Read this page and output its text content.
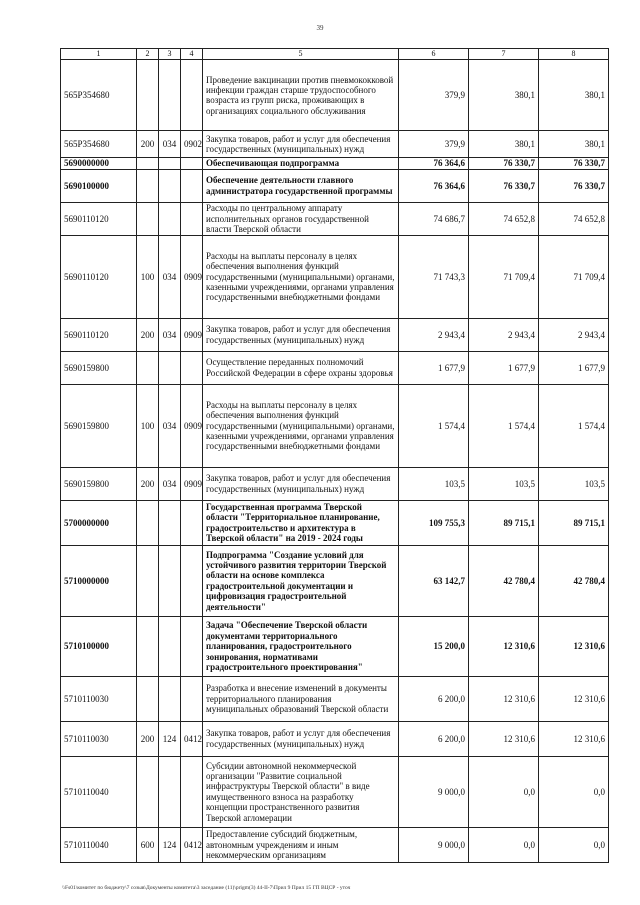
39
1	2	3	4	5	6	7	8
565P354680				Проведение вакцинации против пневмококковой инфекции граждан старше трудоспособного возраста из групп риска, проживающих в организациях социального обслуживания	379,9	380,1	380,1
565P354680	200	034	0902	Закупка товаров, работ и услуг для обеспечения государственных (муниципальных) нужд	379,9	380,1	380,1
5690000000				Обеспечивающая подпрограмма	76 364,6	76 330,7	76 330,7
5690100000				Обеспечение деятельности главного администратора государственной программы	76 364,6	76 330,7	76 330,7
5690110120				Расходы по центральному аппарату исполнительных органов государственной власти Тверской области	74 686,7	74 652,8	74 652,8
5690110120	100	034	0909	Расходы на выплаты персоналу в целях обеспечения выполнения функций государственными (муниципальными) органами, казенными учреждениями, органами управления государственными внебюджетными фондами	71 743,3	71 709,4	71 709,4
5690110120	200	034	0909	Закупка товаров, работ и услуг для обеспечения государственных (муниципальных) нужд	2 943,4	2 943,4	2 943,4
5690159800				Осуществление переданных полномочий Российской Федерации в сфере охраны здоровья	1 677,9	1 677,9	1 677,9
5690159800	100	034	0909	Расходы на выплаты персоналу в целях обеспечения выполнения функций государственными (муниципальными) органами, казенными учреждениями, органами управления государственными внебюджетными фондами	1 574,4	1 574,4	1 574,4
5690159800	200	034	0909	Закупка товаров, работ и услуг для обеспечения государственных (муниципальных) нужд	103,5	103,5	103,5
5700000000				Государственная программа Тверской области "Территориальное планирование, градостроительство и архитектура в Тверской области" на 2019 - 2024 годы	109 755,3	89 715,1	89 715,1
5710000000				Подпрограмма "Создание условий для устойчивого развития территории Тверской области на основе комплекса градостроительной документации и цифровизация градостроительной деятельности"	63 142,7	42 780,4	42 780,4
5710100000				Задача "Обеспечение Тверской области документами территориального планирования, градостроительного зонирования, нормативами градостроительного проектирования"	15 200,0	12 310,6	12 310,6
5710110030				Разработка и внесение изменений в документы территориального планирования муниципальных образований Тверской области	6 200,0	12 310,6	12 310,6
5710110030	200	124	0412	Закупка товаров, работ и услуг для обеспечения государственных (муниципальных) нужд	6 200,0	12 310,6	12 310,6
5710110040				Субсидии автономной некоммерческой организации "Развитие социальной инфраструктуры Тверской области" в виде имущественного взноса на разработку концепции пространственного развития Тверской агломерации	9 000,0	0,0	0,0
5710110040	600	124	0412	Предоставление субсидий бюджетным, автономным учреждениям и иным некоммерческим организациям	9 000,0	0,0	0,0
\\Fs01\комитет по бюджету\7 созыв\Документы комитета\3 заседание (11)\prigm(3) 44-II-7\Прил 9 Прил 15 ГП ВЦСР - уточ
